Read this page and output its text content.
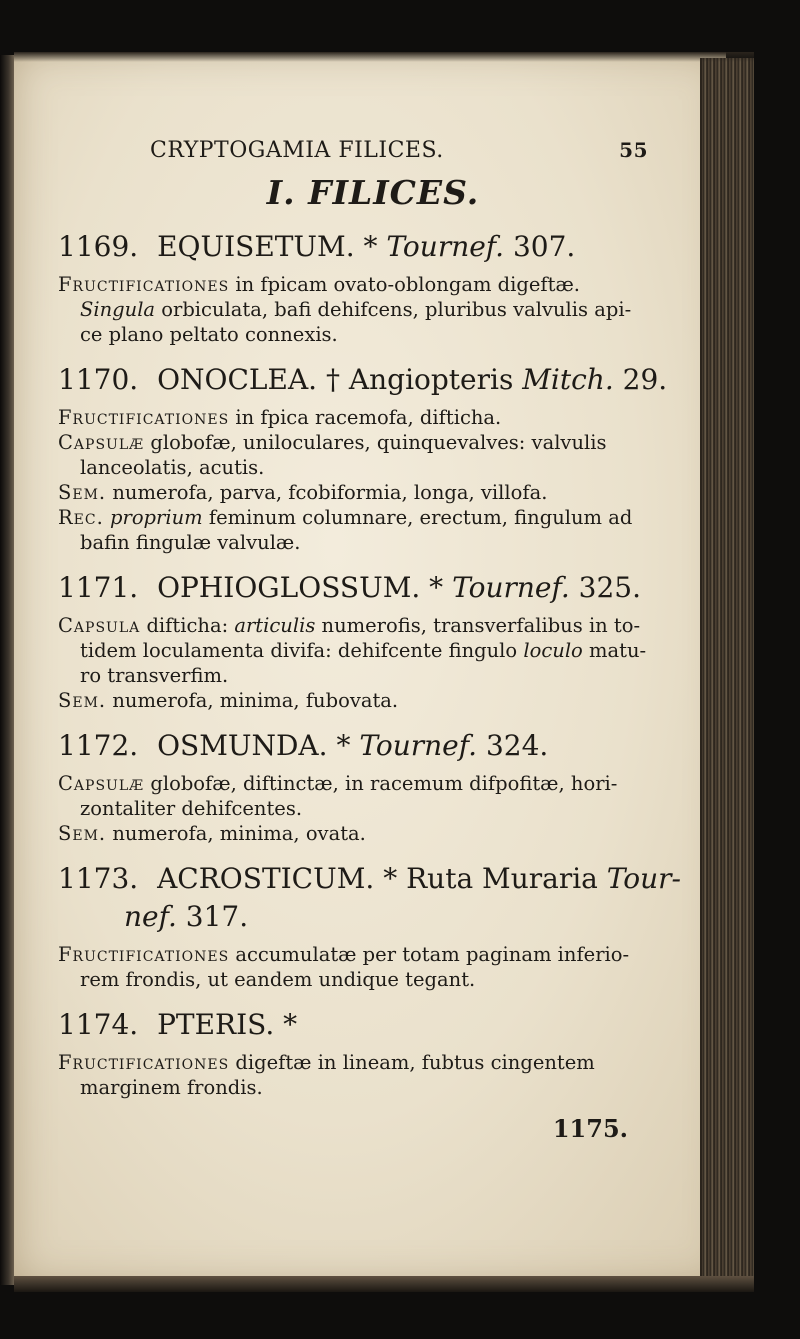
CRYPTOGAMIA FILICES.	55
I. FILICES.
1169. EQUISETUM. * Tournef. 307.

Fructificationes in fpicam ovato-oblongam digeftæ.
Singula orbiculata, bafi dehifcens, pluribus valvulis api-
ce plano peltato connexis.

1170. ONOCLEA. † Angiopteris Mitch. 29.

Fructificationes in fpica racemofa, difticha.

Capsulæ globofæ, uniloculares, quinquevalves: valvulis
lanceolatis, acutis.

Sem. numerofa, parva, fcobiformia, longa, villofa.

Rec. proprium feminum columnare, erectum, fingulum ad
bafin fingulæ valvulæ.

1171. OPHIOGLOSSUM. * Tournef. 325.

Capsula difticha: articulis numerofis, transverfalibus in to-
tidem loculamenta divifa: dehifcente fingulo loculo matu-
ro transverfim.

Sem. numerofa, minima, fubovata.

1172. OSMUNDA. * Tournef. 324.

Capsulæ globofæ, diftinctæ, in racemum difpofitæ, hori-
zontaliter dehifcentes.

Sem. numerofa, minima, ovata.

1173. ACROSTICUM. * Ruta Muraria Tour-
nef. 317.

Fructificationes accumulatæ per totam paginam inferio-
rem frondis, ut eandem undique tegant.

1174. PTERIS. *

Fructificationes digeftæ in lineam, fubtus cingentem
marginem frondis.

1175.
